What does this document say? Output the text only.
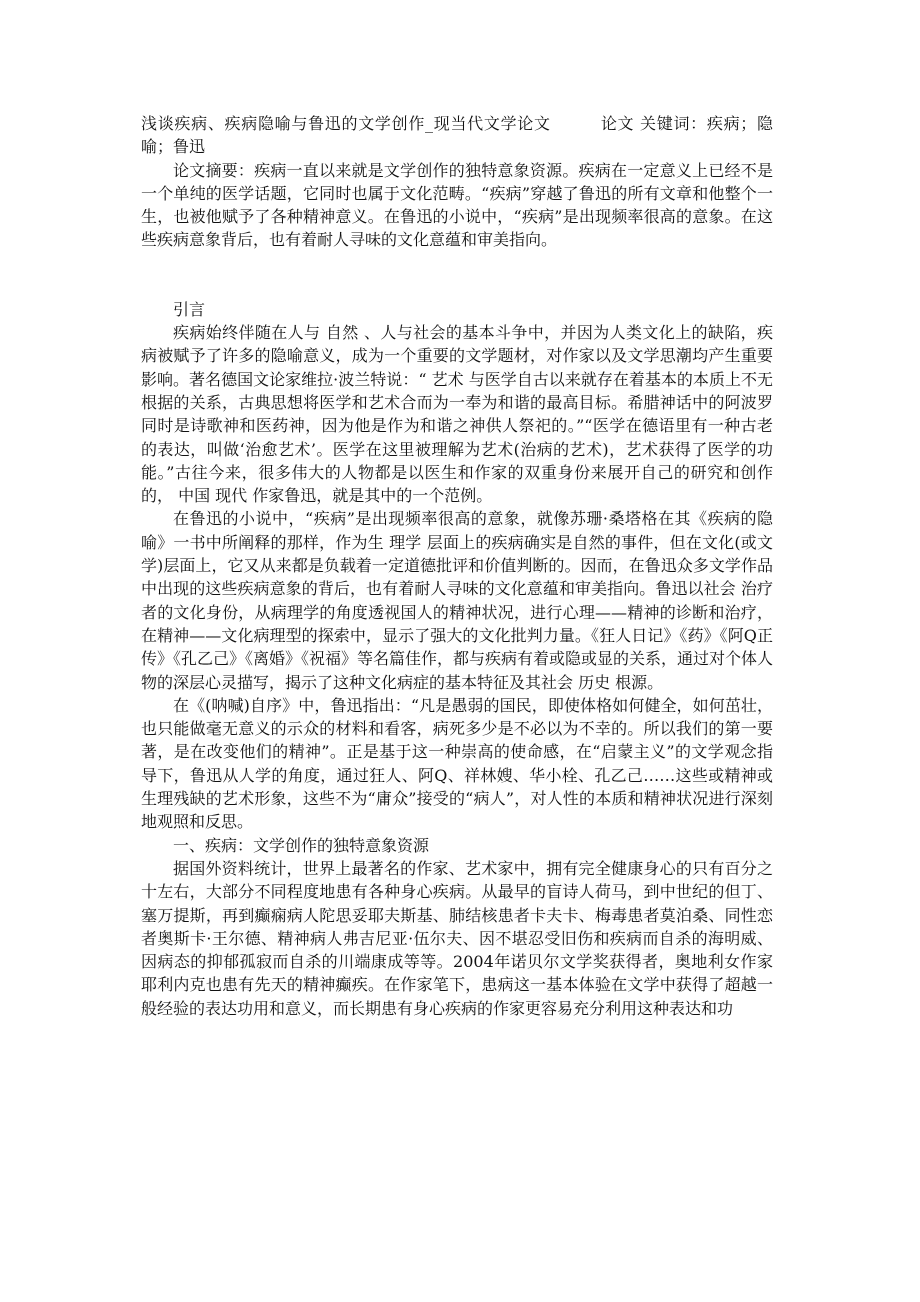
浅谈疾病、疾病隐喻与鲁迅的文学创作_现当代文学论文　　　论文 关键词：疾病；隐喻；鲁迅

论文摘要：疾病一直以来就是文学创作的独特意象资源。疾病在一定意义上已经不是一个单纯的医学话题，它同时也属于文化范畴。“疾病”穿越了鲁迅的所有文章和他整个一生，也被他赋予了各种精神意义。在鲁迅的小说中，“疾病”是出现频率很高的意象。在这些疾病意象背后，也有着耐人寻味的文化意蕴和审美指向。

引言

疾病始终伴随在人与 自然 、人与社会的基本斗争中，并因为人类文化上的缺陷，疾病被赋予了许多的隐喻意义，成为一个重要的文学题材，对作家以及文学思潮均产生重要影响。著名德国文论家维拉·波兰特说：“ 艺术 与医学自古以来就存在着基本的本质上不无根据的关系，古典思想将医学和艺术合而为一奉为和谐的最高目标。希腊神话中的阿波罗同时是诗歌神和医药神，因为他是作为和谐之神供人祭祀的。”“医学在德语里有一种古老的表达，叫做‘治愈艺术’。医学在这里被理解为艺术(治病的艺术)，艺术获得了医学的功能。”古往今来，很多伟大的人物都是以医生和作家的双重身份来展开自己的研究和创作的， 中国 现代 作家鲁迅，就是其中的一个范例。

在鲁迅的小说中，“疾病”是出现频率很高的意象，就像苏珊·桑塔格在其《疾病的隐喻》一书中所阐释的那样，作为生 理学 层面上的疾病确实是自然的事件，但在文化(或文学)层面上，它又从来都是负载着一定道德批评和价值判断的。因而，在鲁迅众多文学作品中出现的这些疾病意象的背后，也有着耐人寻味的文化意蕴和审美指向。鲁迅以社会 治疗 者的文化身份，从病理学的角度透视国人的精神状况，进行心理——精神的诊断和治疗，在精神——文化病理型的探索中，显示了强大的文化批判力量。《狂人日记》《药》《阿Q正传》《孔乙己》《离婚》《祝福》等名篇佳作，都与疾病有着或隐或显的关系，通过对个体人物的深层心灵描写，揭示了这种文化病症的基本特征及其社会 历史 根源。

在《(呐喊)自序》中，鲁迅指出：“凡是愚弱的国民，即使体格如何健全，如何茁壮，也只能做毫无意义的示众的材料和看客，病死多少是不必以为不幸的。所以我们的第一要著，是在改变他们的精神”。正是基于这一种崇高的使命感，在“启蒙主义”的文学观念指导下，鲁迅从人学的角度，通过狂人、阿Q、祥林嫂、华小栓、孔乙己……这些或精神或生理残缺的艺术形象，这些不为“庸众”接受的“病人”，对人性的本质和精神状况进行深刻地观照和反思。

一、疾病：文学创作的独特意象资源

据国外资料统计，世界上最著名的作家、艺术家中，拥有完全健康身心的只有百分之十左右，大部分不同程度地患有各种身心疾病。从最早的盲诗人荷马，到中世纪的但丁、塞万提斯，再到癫痫病人陀思妥耶夫斯基、肺结核患者卡夫卡、梅毒患者莫泊桑、同性恋者奥斯卡·王尔德、精神病人弗吉尼亚·伍尔夫、因不堪忍受旧伤和疾病而自杀的海明威、因病态的抑郁孤寂而自杀的川端康成等等。2004年诺贝尔文学奖获得者，奥地利女作家耶利内克也患有先天的精神癫疾。在作家笔下，患病这一基本体验在文学中获得了超越一般经验的表达功用和意义，而长期患有身心疾病的作家更容易充分利用这种表达和功
